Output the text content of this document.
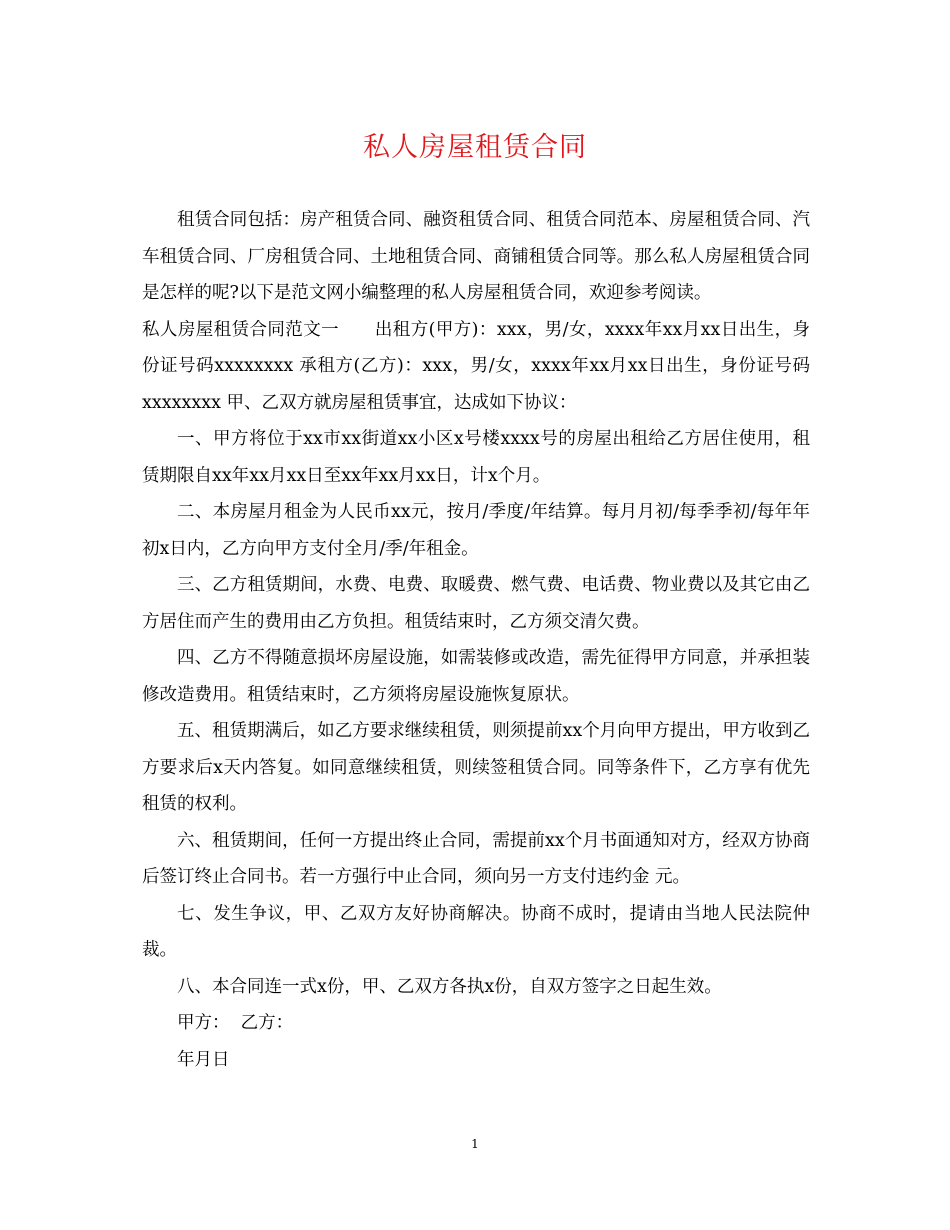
私人房屋租赁合同

租赁合同包括：房产租赁合同、融资租赁合同、租赁合同范本、房屋租赁合同、汽车租赁合同、厂房租赁合同、土地租赁合同、商铺租赁合同等。那么私人房屋租赁合同是怎样的呢?以下是范文网小编整理的私人房屋租赁合同，欢迎参考阅读。

私人房屋租赁合同范文一　　出租方(甲方)：xxx，男/女，xxxx年xx月xx日出生，身份证号码xxxxxxxx 承租方(乙方)：xxx，男/女，xxxx年xx月xx日出生，身份证号码xxxxxxxx 甲、乙双方就房屋租赁事宜，达成如下协议：

一、甲方将位于xx市xx街道xx小区x号楼xxxx号的房屋出租给乙方居住使用，租赁期限自xx年xx月xx日至xx年xx月xx日，计x个月。

二、本房屋月租金为人民币xx元，按月/季度/年结算。每月月初/每季季初/每年年初x日内，乙方向甲方支付全月/季/年租金。

三、乙方租赁期间，水费、电费、取暖费、燃气费、电话费、物业费以及其它由乙方居住而产生的费用由乙方负担。租赁结束时，乙方须交清欠费。

四、乙方不得随意损坏房屋设施，如需装修或改造，需先征得甲方同意，并承担装修改造费用。租赁结束时，乙方须将房屋设施恢复原状。

五、租赁期满后，如乙方要求继续租赁，则须提前xx个月向甲方提出，甲方收到乙方要求后x天内答复。如同意继续租赁，则续签租赁合同。同等条件下，乙方享有优先租赁的权利。

六、租赁期间，任何一方提出终止合同，需提前xx个月书面通知对方，经双方协商后签订终止合同书。若一方强行中止合同，须向另一方支付违约金 元。

七、发生争议，甲、乙双方友好协商解决。协商不成时，提请由当地人民法院仲裁。

八、本合同连一式x份，甲、乙双方各执x份，自双方签字之日起生效。

甲方：  乙方：

年月日

1
